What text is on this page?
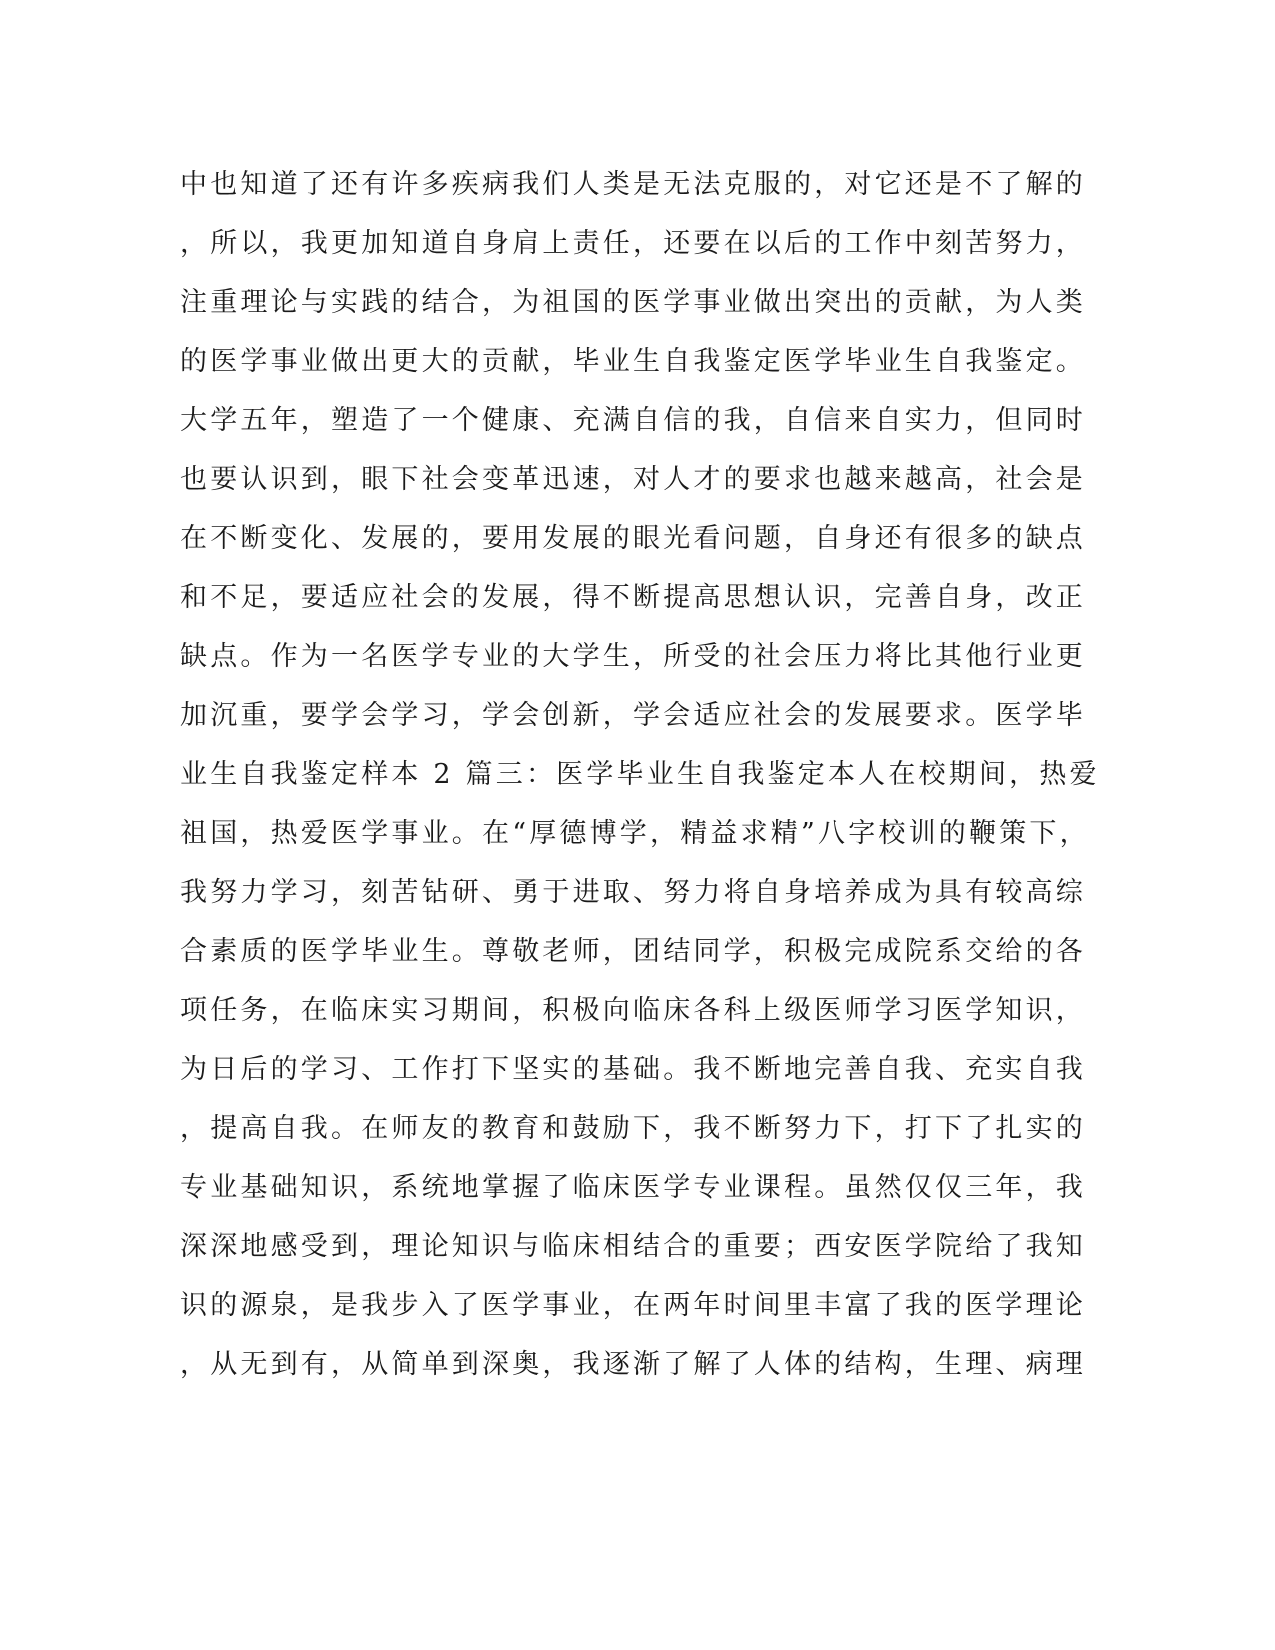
中也知道了还有许多疾病我们人类是无法克服的，对它还是不了解的
，所以，我更加知道自身肩上责任，还要在以后的工作中刻苦努力，
注重理论与实践的结合，为祖国的医学事业做出突出的贡献，为人类
的医学事业做出更大的贡献，毕业生自我鉴定医学毕业生自我鉴定。
大学五年，塑造了一个健康、充满自信的我，自信来自实力，但同时
也要认识到，眼下社会变革迅速，对人才的要求也越来越高，社会是
在不断变化、发展的，要用发展的眼光看问题，自身还有很多的缺点
和不足，要适应社会的发展，得不断提高思想认识，完善自身，改正
缺点。作为一名医学专业的大学生，所受的社会压力将比其他行业更
加沉重，要学会学习，学会创新，学会适应社会的发展要求。医学毕
业生自我鉴定样本 2 篇三：医学毕业生自我鉴定本人在校期间，热爱
祖国，热爱医学事业。在“厚德博学，精益求精”八字校训的鞭策下，
我努力学习，刻苦钻研、勇于进取、努力将自身培养成为具有较高综
合素质的医学毕业生。尊敬老师，团结同学，积极完成院系交给的各
项任务，在临床实习期间，积极向临床各科上级医师学习医学知识，
为日后的学习、工作打下坚实的基础。我不断地完善自我、充实自我
，提高自我。在师友的教育和鼓励下，我不断努力下，打下了扎实的
专业基础知识，系统地掌握了临床医学专业课程。虽然仅仅三年，我
深深地感受到，理论知识与临床相结合的重要；西安医学院给了我知
识的源泉，是我步入了医学事业，在两年时间里丰富了我的医学理论
，从无到有，从简单到深奥，我逐渐了解了人体的结构，生理、病理
